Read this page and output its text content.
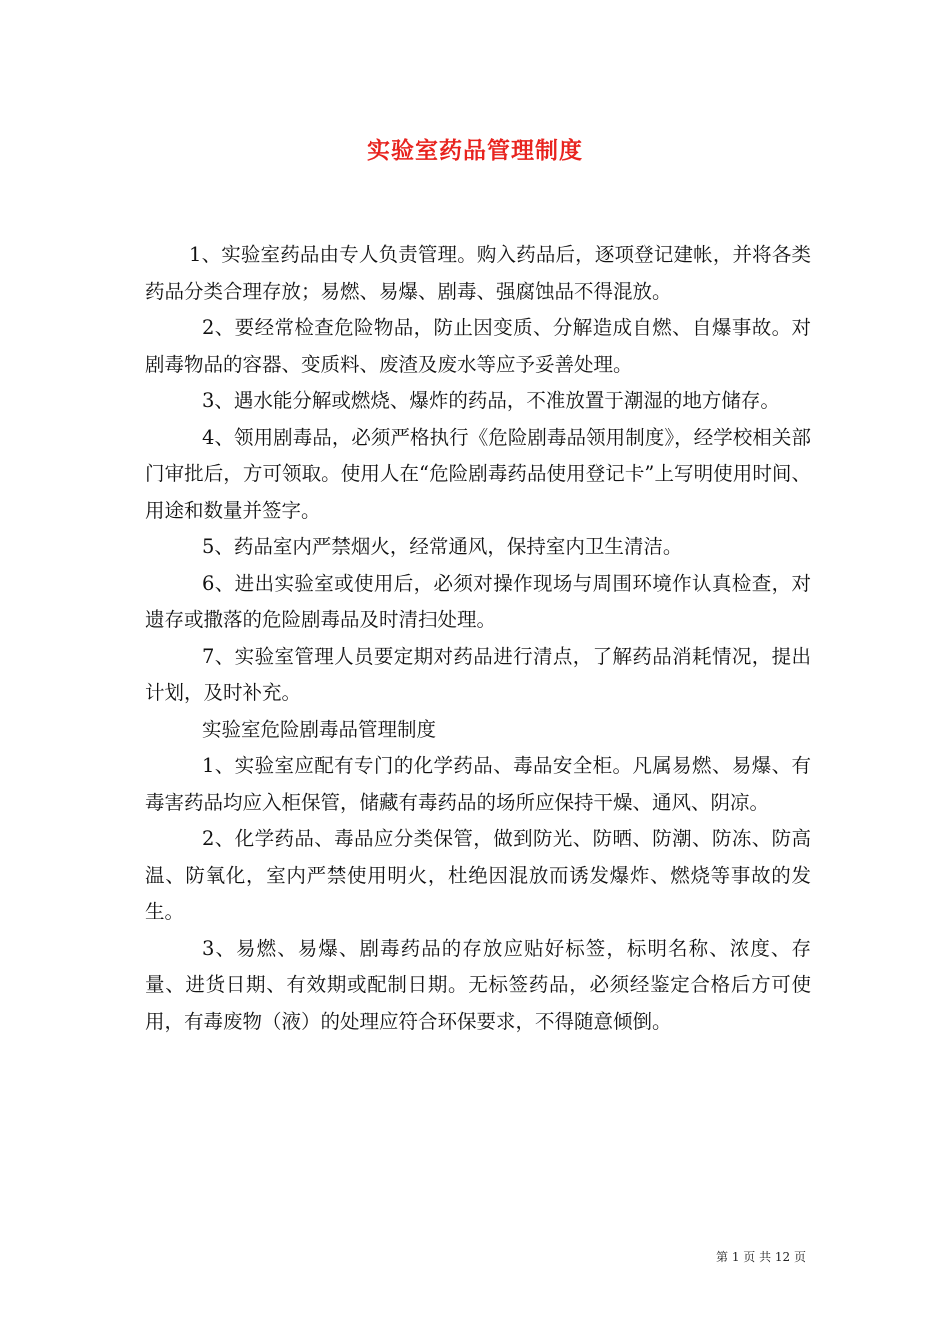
实验室药品管理制度

1、实验室药品由专人负责管理。购入药品后，逐项登记建帐，并将各类药品分类合理存放；易燃、易爆、剧毒、强腐蚀品不得混放。

2、要经常检查危险物品，防止因变质、分解造成自燃、自爆事故。对剧毒物品的容器、变质料、废渣及废水等应予妥善处理。

3、遇水能分解或燃烧、爆炸的药品，不准放置于潮湿的地方储存。

4、领用剧毒品，必须严格执行《危险剧毒品领用制度》，经学校相关部门审批后，方可领取。使用人在“危险剧毒药品使用登记卡”上写明使用时间、用途和数量并签字。

5、药品室内严禁烟火，经常通风，保持室内卫生清洁。

6、进出实验室或使用后，必须对操作现场与周围环境作认真检查，对遗存或撒落的危险剧毒品及时清扫处理。

7、实验室管理人员要定期对药品进行清点，了解药品消耗情况，提出计划，及时补充。

实验室危险剧毒品管理制度

1、实验室应配有专门的化学药品、毒品安全柜。凡属易燃、易爆、有毒害药品均应入柜保管，储藏有毒药品的场所应保持干燥、通风、阴凉。

2、化学药品、毒品应分类保管，做到防光、防晒、防潮、防冻、防高温、防氧化，室内严禁使用明火，杜绝因混放而诱发爆炸、燃烧等事故的发生。

3、易燃、易爆、剧毒药品的存放应贴好标签，标明名称、浓度、存量、进货日期、有效期或配制日期。无标签药品，必须经鉴定合格后方可使用，有毒废物（液）的处理应符合环保要求，不得随意倾倒。

第 1 页 共 12 页
